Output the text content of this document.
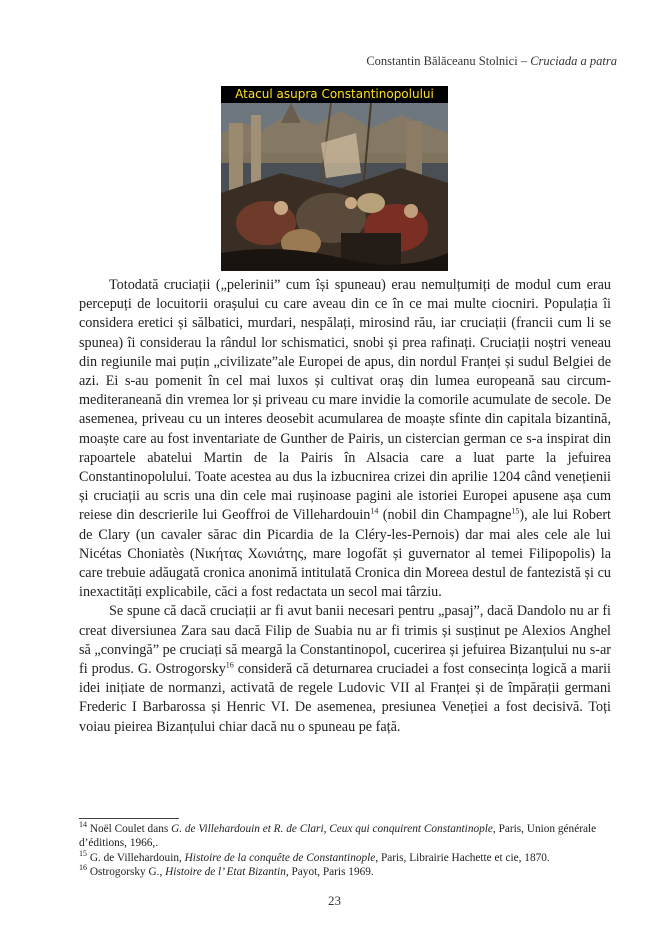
Constantin Bălăceanu Stolnici – Cruciada a patra
Atacul asupra Constantinopolului

Totodată cruciații („pelerinii” cum își spuneau) erau nemulțumiți de modul cum erau percepuți de locuitorii orașului cu care aveau din ce în ce mai multe ciocniri. Populația îi considera eretici și sălbatici, murdari, nespălați, mirosind rău, iar cruciații (francii cum li se spunea) îi considerau la rândul lor schismatici, snobi și prea rafinați. Cruciații noștri veneau din regiunile mai puțin „civilizate”ale Europei de apus, din nordul Franței și sudul Belgiei de azi. Ei s-au pomenit în cel mai luxos și cultivat oraș din lumea europeană sau circum-mediteraneană din vremea lor și priveau cu mare invidie la comorile acumulate de secole. De asemenea, priveau cu un interes deosebit acumularea de moaște sfinte din capitala bizantină, moaște care au fost inventariate de Gunther de Pairis, un cistercian german ce s-a inspirat din rapoartele abatelui Martin de la Pairis în Alsacia care a luat parte la jefuirea Constantinopolului. Toate acestea au dus la izbucnirea crizei din aprilie 1204 când venețienii și cruciații au scris una din cele mai rușinoase pagini ale istoriei Europei apusene așa cum reiese din descrierile lui Geoffroi de Villehardouin$^{14}$ (nobil din Champagne$^{15}$), ale lui Robert de Clary (un cavaler sărac din Picardia de la Cléry-les-Pernois) dar mai ales cele ale lui Nicétas Choniatès (Νικήτας Χωνιάτης, mare logofăt și guvernator al temei Filipopolis) la care trebuie adăugată cronica anonimă intitulată Cronica din Moreea destul de fantezistă și cu inexactități explicabile, căci a fost redactata un secol mai târziu.

Se spune că dacă cruciații ar fi avut banii necesari pentru „pasaj”, dacă Dandolo nu ar fi creat diversiunea Zara sau dacă Filip de Suabia nu ar fi trimis și susținut pe Alexios Anghel să „convingă” pe cruciați să meargă la Constantinopol, cucerirea și jefuirea Bizanțului nu s-ar fi produs. G. Ostrogorsky$^{16}$ consideră că deturnarea cruciadei a fost consecința logică a marii idei inițiate de normanzi, activată de regele Ludovic VII al Franței și de împărații germani Frederic I Barbarossa și Henric VI. De asemenea, presiunea Veneției a fost decisivă. Toți voiau pieirea Bizanțului chiar dacă nu o spuneau pe față.

$^{14}$ Noël Coulet dans G. de Villehardouin et R. de Clari, Ceux qui conquirent Constantinople, Paris, Union générale d’éditions, 1966,.
$^{15}$ G. de Villehardouin, Histoire de la conquête de Constantinople, Paris, Librairie Hachette et cie, 1870.
$^{16}$ Ostrogorsky G., Histoire de l’ Etat Bizantin, Payot, Paris 1969.
23
